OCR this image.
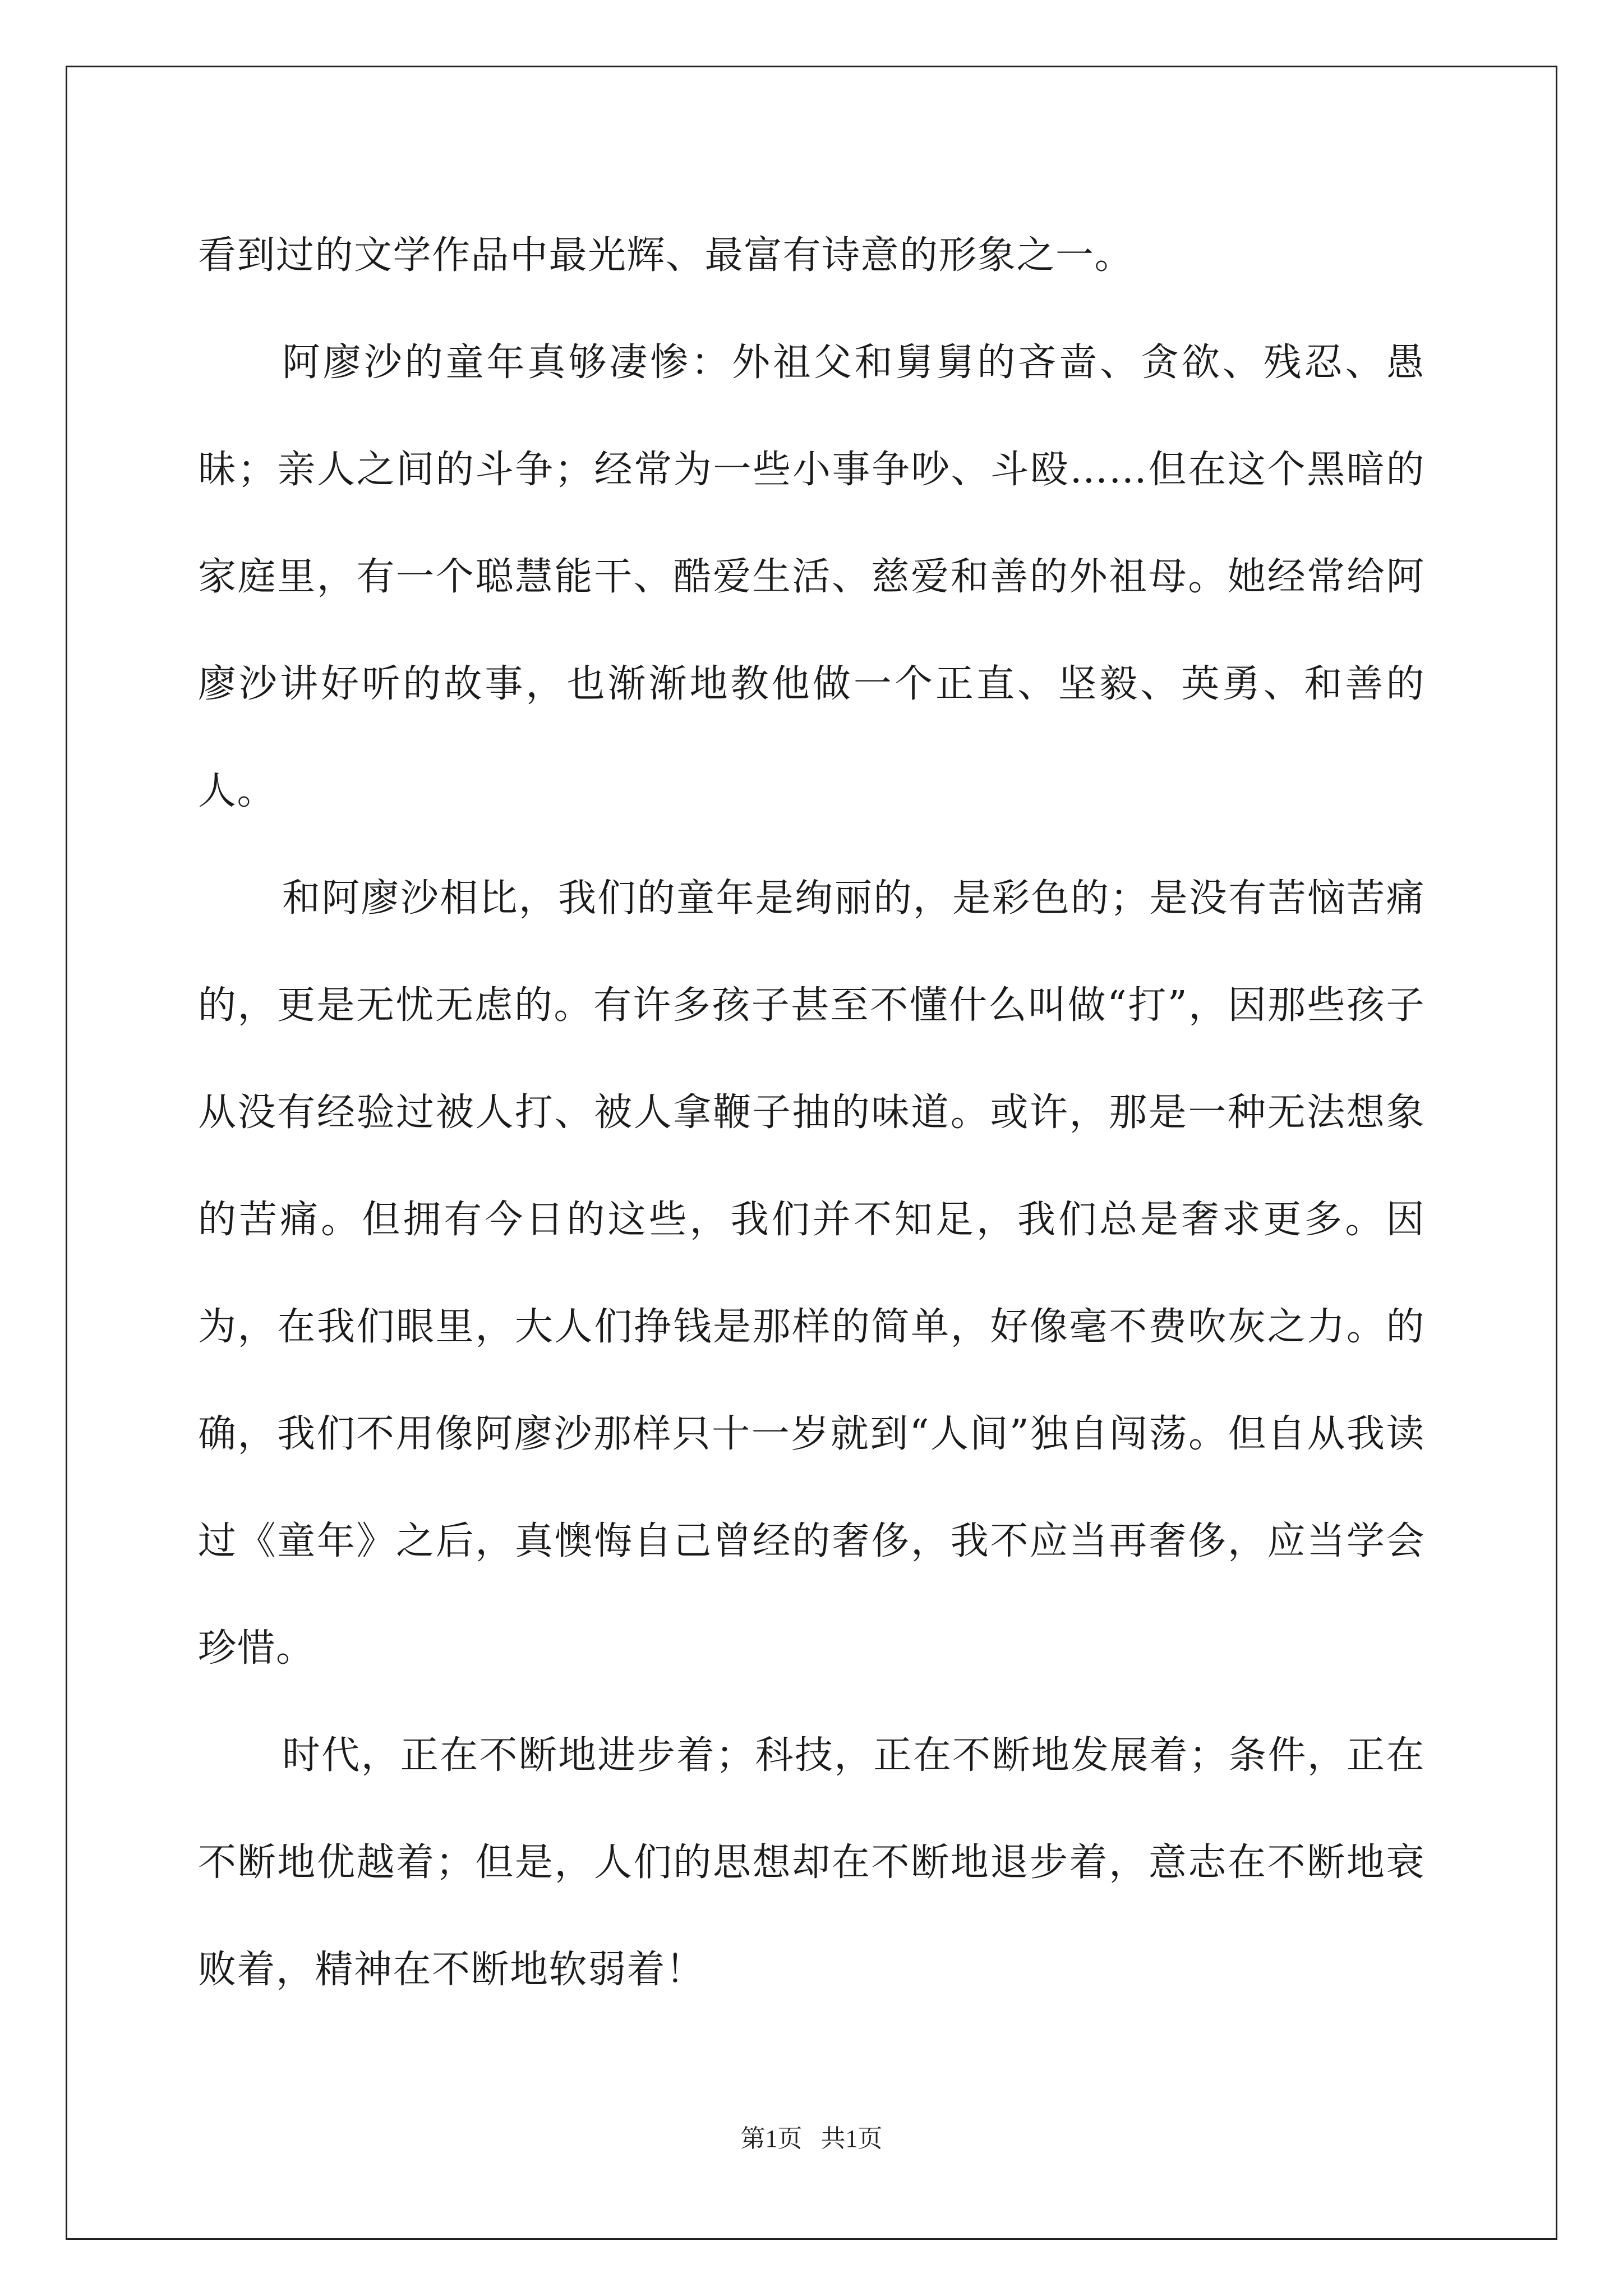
看到过的文学作品中最光辉、最富有诗意的形象之一。

阿廖沙的童年真够凄惨：外祖父和舅舅的吝啬、贪欲、残忍、愚昧；亲人之间的斗争；经常为一些小事争吵、斗殴……但在这个黑暗的家庭里，有一个聪慧能干、酷爱生活、慈爱和善的外祖母。她经常给阿廖沙讲好听的故事，也渐渐地教他做一个正直、坚毅、英勇、和善的人。

和阿廖沙相比，我们的童年是绚丽的，是彩色的；是没有苦恼苦痛的，更是无忧无虑的。有许多孩子甚至不懂什么叫做“打”，因那些孩子从没有经验过被人打、被人拿鞭子抽的味道。或许，那是一种无法想象的苦痛。但拥有今日的这些，我们并不知足，我们总是奢求更多。因为，在我们眼里，大人们挣钱是那样的简单，好像毫不费吹灰之力。的确，我们不用像阿廖沙那样只十一岁就到“人间”独自闯荡。但自从我读过《童年》之后，真懊悔自己曾经的奢侈，我不应当再奢侈，应当学会珍惜。

时代，正在不断地进步着；科技，正在不断地发展着；条件，正在不断地优越着；但是，人们的思想却在不断地退步着，意志在不断地衰败着，精神在不断地软弱着！

第1页   共1页
